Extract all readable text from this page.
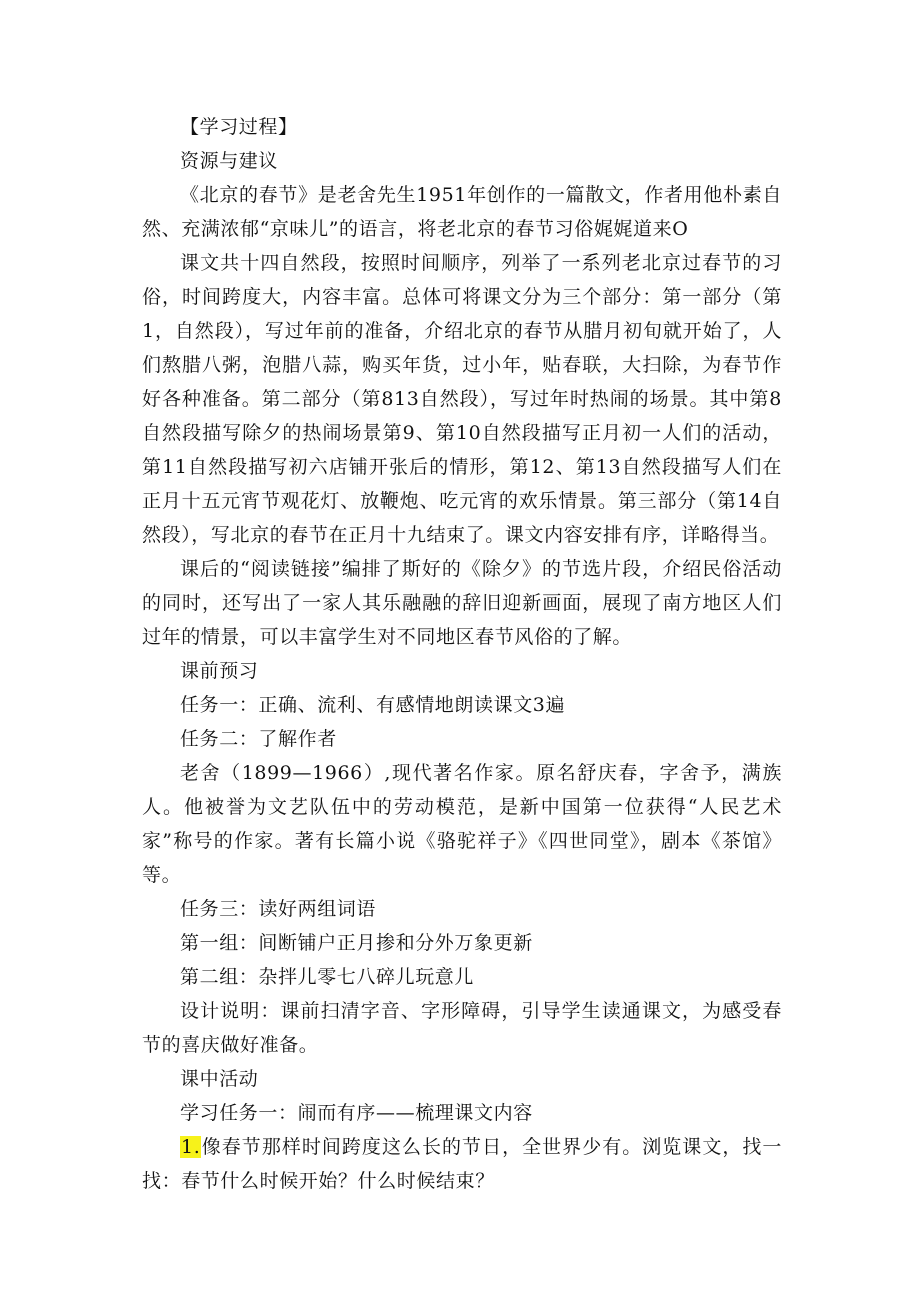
【学习过程】

资源与建议

《北京的春节》是老舍先生1951年创作的一篇散文，作者用他朴素自然、充满浓郁“京味儿”的语言，将老北京的春节习俗娓娓道来O

课文共十四自然段，按照时间顺序，列举了一系列老北京过春节的习俗，时间跨度大，内容丰富。总体可将课文分为三个部分：第一部分（第1，自然段），写过年前的准备，介绍北京的春节从腊月初旬就开始了，人们熬腊八粥，泡腊八蒜，购买年货，过小年，贴春联，大扫除，为春节作好各种准备。第二部分（第813自然段），写过年时热闹的场景。其中第8自然段描写除夕的热闹场景第9、第10自然段描写正月初一人们的活动，第11自然段描写初六店铺开张后的情形，第12、第13自然段描写人们在正月十五元宵节观花灯、放鞭炮、吃元宵的欢乐情景。第三部分（第14自然段），写北京的春节在正月十九结束了。课文内容安排有序，详略得当。

课后的“阅读链接”编排了斯好的《除夕》的节选片段，介绍民俗活动的同时，还写出了一家人其乐融融的辞旧迎新画面，展现了南方地区人们过年的情景，可以丰富学生对不同地区春节风俗的了解。

课前预习

任务一：正确、流利、有感情地朗读课文3遍

任务二：了解作者

老舍（1899—1966）,现代著名作家。原名舒庆春，字舍予，满族人。他被誉为文艺队伍中的劳动模范，是新中国第一位获得“人民艺术家”称号的作家。著有长篇小说《骆驼祥子》《四世同堂》，剧本《茶馆》等。

任务三：读好两组词语

第一组：间断铺户正月掺和分外万象更新

第二组：杂拌儿零七八碎儿玩意儿

设计说明：课前扫清字音、字形障碍，引导学生读通课文，为感受春节的喜庆做好准备。

课中活动

学习任务一：闹而有序——梳理课文内容

1.像春节那样时间跨度这么长的节日，全世界少有。浏览课文，找一找：春节什么时候开始？什么时候结束？
